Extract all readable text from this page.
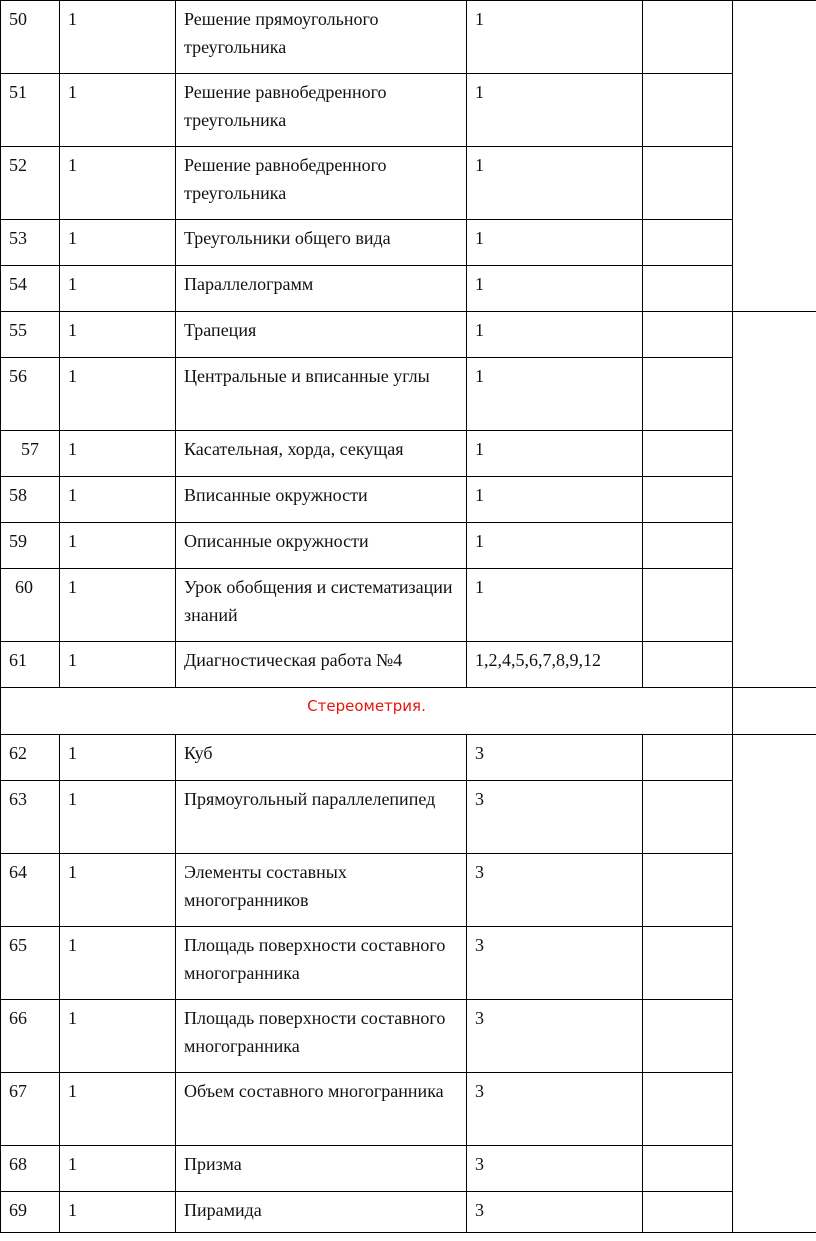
50	1	Решение прямоугольного треугольника	1		
51	1	Решение равнобедренного треугольника	1		
52	1	Решение равнобедренного треугольника	1		
53	1	Треугольники общего вида	1		
54	1	Параллелограмм	1		
55	1	Трапеция	1		
56	1	Центральные и вписанные углы	1		
57	1	Касательная, хорда, секущая	1		
58	1	Вписанные окружности	1		
59	1	Описанные окружности	1		
60	1	Урок обобщения и систематизации знаний	1		
61	1	Диагностическая работа №4	1,2,4,5,6,7,8,9,12		
Стереометрия.					
62	1	Куб	3		
63	1	Прямоугольный параллелепипед	3		
64	1	Элементы составных многогранников	3		
65	1	Площадь поверхности составного многогранника	3		
66	1	Площадь поверхности составного многогранника	3		
67	1	Объем составного многогранника	3		
68	1	Призма	3		
69	1	Пирамида	3		
